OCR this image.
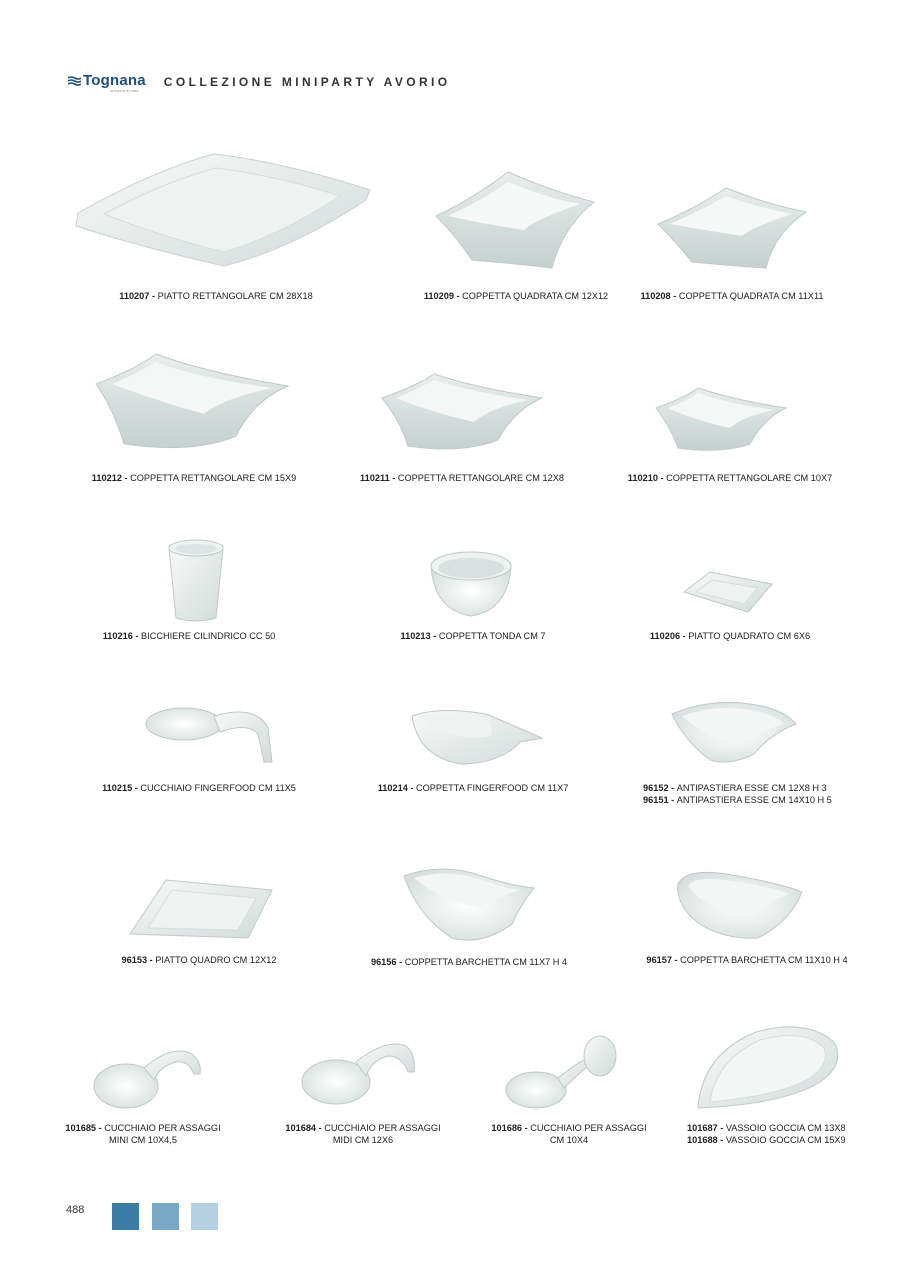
Tognana
la fucina di casa
COLLEZIONE MINIPARTY AVORIO
110207 - PIATTO RETTANGOLARE CM 28X18	110209 - COPPETTA QUADRATA CM 12X12	110208 - COPPETTA QUADRATA CM 11X11
110212 - COPPETTA RETTANGOLARE CM 15X9	110211 - COPPETTA RETTANGOLARE CM 12X8	110210 - COPPETTA RETTANGOLARE CM 10X7
110216 - BICCHIERE CILINDRICO CC 50	110213 - COPPETTA TONDA CM 7	110206 - PIATTO QUADRATO CM 6X6
110215 - CUCCHIAIO FINGERFOOD CM 11X5	110214 - COPPETTA FINGERFOOD CM 11X7	96152 - ANTIPASTIERA ESSE CM 12X8 H 3
96151 - ANTIPASTIERA ESSE CM 14X10 H 5
96153 - PIATTO QUADRO CM 12X12	96156 - COPPETTA BARCHETTA CM 11X7 H 4	96157 - COPPETTA BARCHETTA CM 11X10 H 4
101685 - CUCCHIAIO PER ASSAGGI
MINI CM 10X4,5
101684 - CUCCHIAIO PER ASSAGGI
MIDI CM 12X6
101686 - CUCCHIAIO PER ASSAGGI
CM 10X4
101687 - VASSOIO GOCCIA CM 13X8
101688 - VASSOIO GOCCIA CM 15X9
488
